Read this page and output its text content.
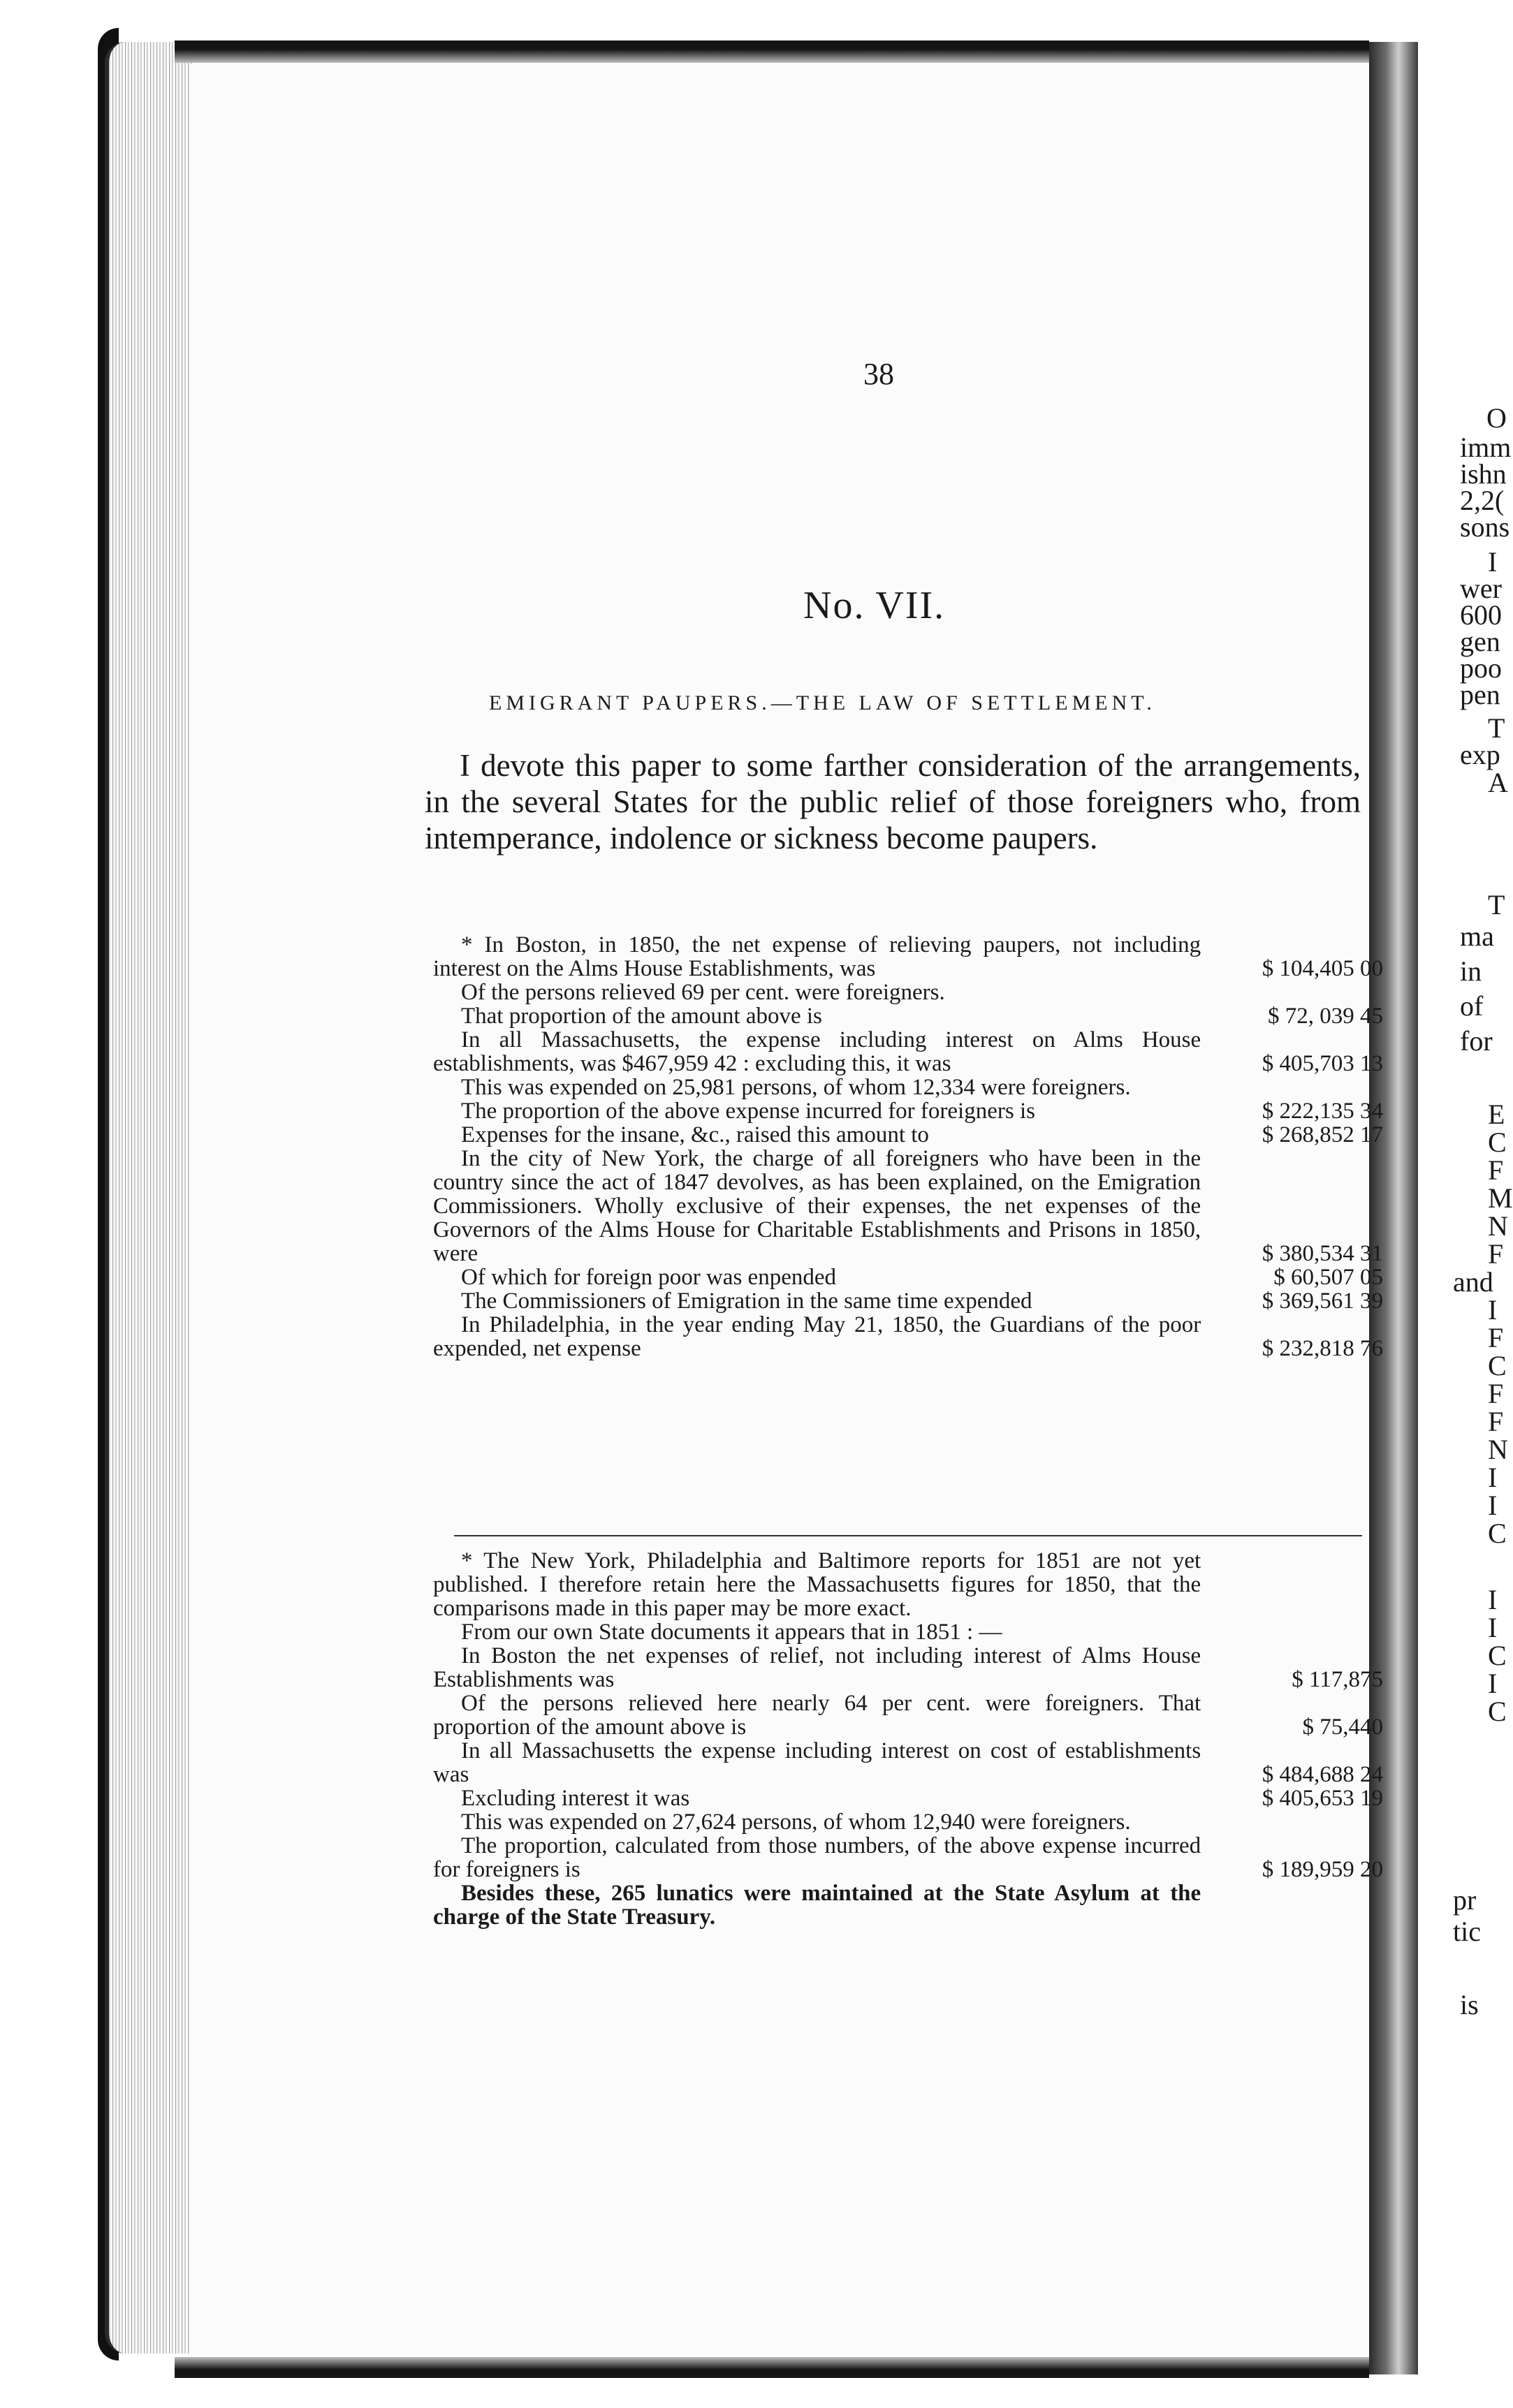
38
No. VII.
EMIGRANT PAUPERS.—THE LAW OF SETTLEMENT.

I devote this paper to some farther consideration of the arrangements, in the several States for the public relief of those foreigners who, from intemperance, indolence or sickness become paupers.

* In Boston, in 1850, the net expense of relieving paupers, not including interest on the Alms House Establishments, was	$ 104,405 00
Of the persons relieved 69 per cent. were foreigners.
That proportion of the amount above is	$ 72, 039 45
In all Massachusetts, the expense including interest on Alms House establishments, was $467,959 42 : excluding this, it was	$ 405,703 13
This was expended on 25,981 persons, of whom 12,334 were foreigners.
The proportion of the above expense incurred for foreigners is	$ 222,135 34
Expenses for the insane, &c., raised this amount to	$ 268,852 17
In the city of New York, the charge of all foreigners who have been in the country since the act of 1847 devolves, as has been explained, on the Emigration Commissioners. Wholly exclusive of their expenses, the net expenses of the Governors of the Alms House for Charitable Establishments and Prisons in 1850, were	$ 380,534 31
Of which for foreign poor was enpended	$ 60,507 05
The Commissioners of Emigration in the same time expended	$ 369,561 39
In Philadelphia, in the year ending May 21, 1850, the Guardians of the poor expended, net expense	$ 232,818 76
* The New York, Philadelphia and Baltimore reports for 1851 are not yet published. I therefore retain here the Massachusetts figures for 1850, that the comparisons made in this paper may be more exact.
From our own State documents it appears that in 1851 : —
In Boston the net expenses of relief, not including interest of Alms House Establishments was	$ 117,875
Of the persons relieved here nearly 64 per cent. were foreigners. That proportion of the amount above is	$ 75,440
In all Massachusetts the expense including interest on cost of establishments was	$ 484,688 24
Excluding interest it was	$ 405,653 19
This was expended on 27,624 persons, of whom 12,940 were foreigners.
The proportion, calculated from those numbers, of the above expense incurred for foreigners is	$ 189,959 20
Besides these, 265 lunatics were maintained at the State Asylum at the charge of the State Treasury.
O
imm
ishn
2,2(
sons
I
wer
600
gen
poo
pen
T
exp
A
T
ma
in
of
for
E
C
F
M
N
F
and
I
F
C
F
F
N
I
I
C
I
I
C
I
C
pr
tic
is
